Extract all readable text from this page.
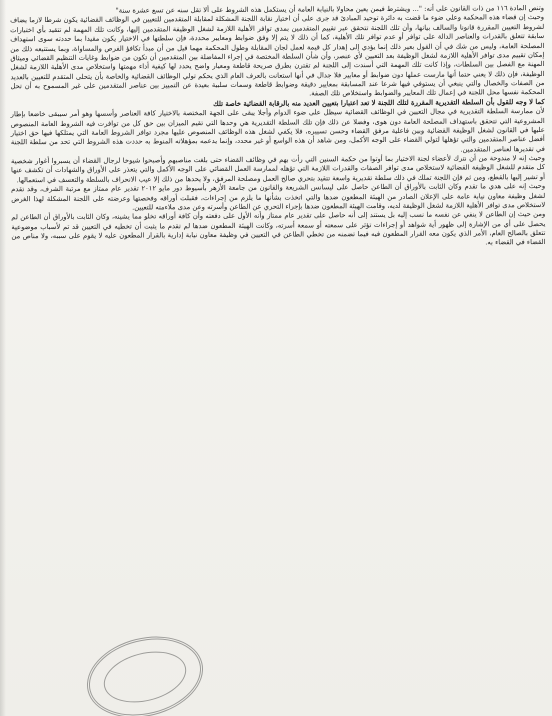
وتنص المادة ١١٦ من ذات القانون على أنه: "... ويشترط فيمن يعين محاولا بالنيابة العامة أن يستكمل هذه الشروط على ألا تقل سنه عن تسع عشرة سنة"

وحيث إن قضاء هذه المحكمة وعلى ضوء ما قضت به دائرة توحيد المبادئ قد جرى على أن اختيار نقابة اللجنة المشكلة لمقابلة المتقدمين للتعيين في الوظائف القضائية يكون شرطا لازما يضاف لشروط التعيين المقررة قانونا والسالف بيانها، وأن تلك اللجنة تتحقق عبر تقييم المتقدمين بمدى توافر الأهلية اللازمة لشغل الوظيفة المتقدمين إليها، وكانت تلك المهمة لم تتقيد بأي اختبارات سابقة تتعلق بالقدرات والعناصر الدالة على توافر أو عدم توافر تلك الأهلية، كما أن ذلك لا يتم إلا وفق ضوابط ومعايير محددة، فإن سلطتها في الاختيار يكون مقيدا بما حددته سوى استهداف المصلحة العامة، وليس من شك في أن القول بعير ذلك إنما يؤدي إلى إهدار كل قيمة لعمل لجان المقابلة وطول المحكمة مهما قيل من أن مبدأ تكافؤ الفرص والمساواة، وبما يستتبعه ذلك من إمكان تقييم مدى توافر الأهلية اللازمة لشغل الوظيفة بعد التعيين لأي عنصر، وأن شأن السلطة المختصة في إجراء المفاضلة بين المتقدمين أن تكون من ضوابط وغايات التنظيم القضائي وميثاق المهنة مع الفصل بين السلطات، وإذا كانت تلك المهمة التي أسندت إلى اللجنة لم تقترن بطرق صريحة قاطعة ومعيار واضح يحدد لها كيفية أداء مهمتها واستخلاص مدى الأهلية اللازمة لشغل الوظيفة، فإن ذلك لا يعني حتما أنها مارست عملها دون ضوابط أو معايير فلا جدال في أنها استعانت بالعرف العام الذي يحكم تولي الوظائف القضائية والخاصة بأن يتحلى المتقدم للتعيين بالعديد من الصفات والخصال والتي ينبغي أن يستوفي فيها شرعا عند المسابقة بمعايير دقيقة وضوابط قاطعة وسمات سلبية بعيدة عن التمييز بين عناصر المتقدمين على غير المسموح به أن تحل المحكمة نفسها محل اللجنة في إعمال تلك المعايير والضوابط واستخلاص تلك الصفة.

كما لا وجه للقول بأن السلطة التقديرية المقررة لتلك اللجنة لا تعد اعتبارا بتعيين العديد منه بالرقابة القضائية خاصة تلك

لأن ممارسة السلطة التقديرية في مجال التعيين في الوظائف القضائية سيظل على ضوء الدوام وأجلا يبقى على الجهة المختصة بالاختيار كافة العناصر وأسسها وهو أمر سيبقى خاضعا بإطار المشروعية التي تتحقق باستهداف المصلحة العامة دون هوى، وفضلا عن ذلك فإن تلك السلطة التقديرية هي وحدها التي تقيم الميزان بين حق كل من توافرت فيه الشروط العامة المنصوص عليها في القانون لشغل الوظيفة القضائية وبين فاعلية مرفق القضاء وحسن تسييره، فلا يكفي لشغل هذه الوظائف المنصوص عليها مجرد توافر الشروط العامة التي يمتلكها فيها حق اختيار أفضل عناصر المتقدمين والتي تؤهلها لتولي القضاء على الوجه الأكمل، ومن شاهد أن هذه الواسع أو غير محدد، وإنما يدعمه بمؤهلاته المنوط به حددت هذه الشروط التي تحد من سلطة اللجنة في تقديرها لعناصر المتقدمين.

وحيث إنه لا مندوحة من أن نترك لأعضاء لجنة الاختيار بما أوتوا من حكمة السنين التي رأت بهم في وظائف القضاء حتى بلغت مناصبهم وأصبحوا شيوخا لرجال القضاء أن يسبروا أغوار شخصية كل متقدم للشغل الوظيفة القضائية لاستخلاص مدى توافر الصفات والقدرات اللازمة التي تؤهله لممارسة العمل القضائي على الوجه الأكمل والتي يتعذر على الأوراق والشهادات أن تكشف عنها أو تشير إليها بالقطع، ومن ثم فإن اللجنة تملك في ذلك سلطة تقديرية واسعة تتقيد بتحري صالح العمل ومصلحة المرفق، ولا يحدها من ذلك إلا عيب الانحراف بالسلطة والتعسف في استعمالها.

وحيث إنه على هدي ما تقدم وكان الثابت بالأوراق أن الطاعن حاصل على ليسانس الشريعة والقانون من جامعة الأزهر بأسيوط دور مايو ٢٠١٢ تقدير عام ممتاز مع مرتبة الشرف، وقد تقدم لشغل وظيفة معاون نيابة عامة على الإعلان الصادر من الهيئة المطعون ضدها والتي اتخذت بشأنها ما يلزم من إجراءات، فقبلت أوراقه وفحصتها وعرضته على اللجنة المشكلة لهذا الغرض لاستخلاص مدى توافر الأهلية اللازمة لشغل الوظيفة لديه، وقامت الهيئة المطعون ضدها بإجراء التحري عن الطاعن وأسرته وعن مدى ملاءمته للتعيين.

ومن حيث إن الطاعن لا ينفي عن نفسه ما نسب إليه بل يستند إلى أنه حاصل على تقدير عام ممتاز وأنه الأول على دفعته وأن كافة أوراقه تخلو مما يشينه، وكان الثابت بالأوراق أن الطاعن لم يحصل على أي من الإشارة إلى ظهور أية شواهد أو إجراءات تؤثر على سمعته أو سمعة أسرته، وكانت الهيئة المطعون ضدها لم تقدم ما يثبت أن تخطيه في التعيين قد تم لأسباب موضوعية تتعلق بالصالح العام، الأمر الذي يكون معه القرار المطعون فيه فيما تضمنه من تخطي الطاعن في التعيين في وظيفة معاون نيابة إدارية بالقرار المطعون عليه لا يقوم على سببه، ولا مناص من القضاء في القضاء به.
